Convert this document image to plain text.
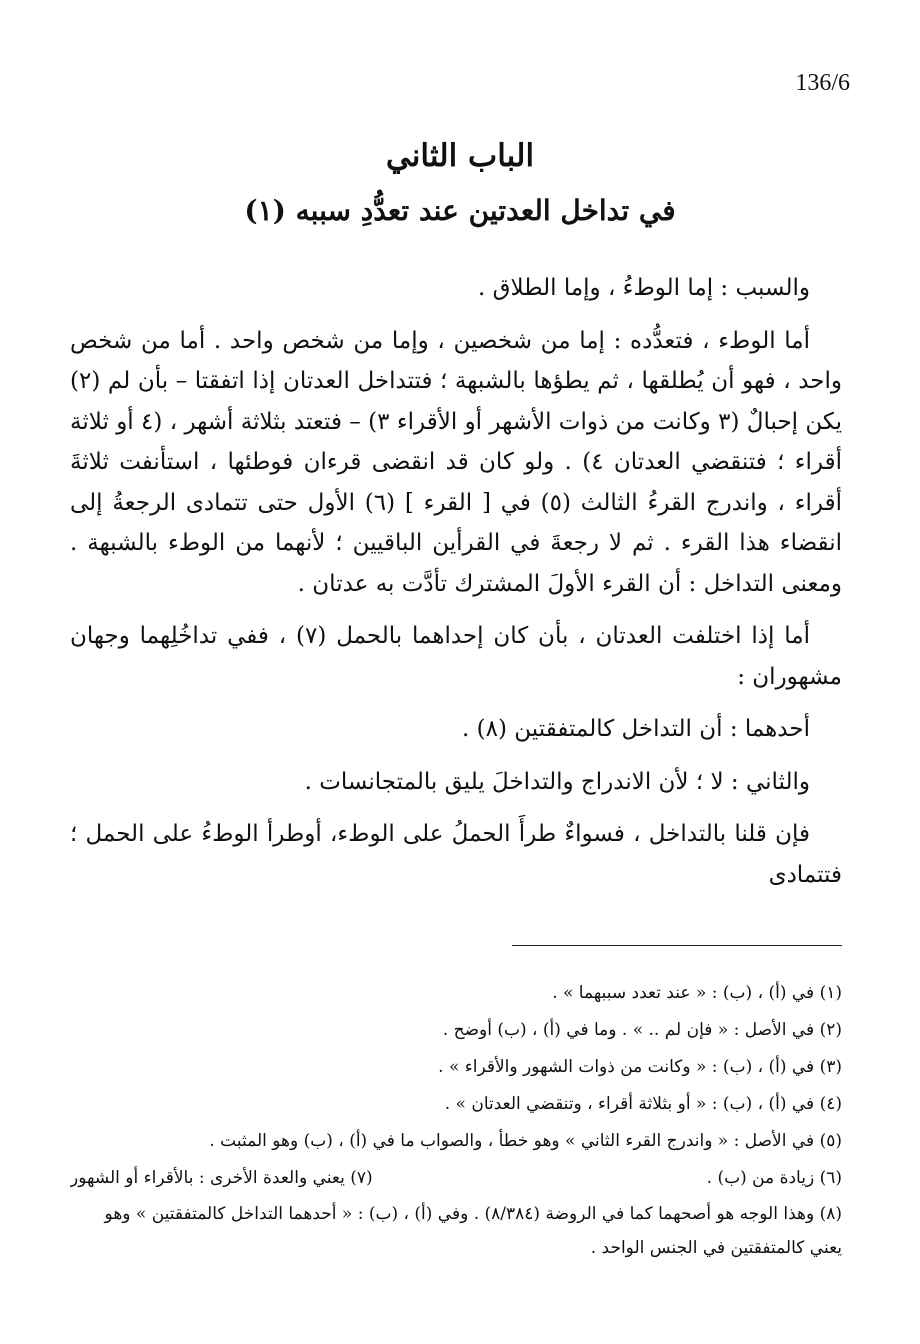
136/6
الباب الثاني
في تداخل العدتين عند تعدُّدِ سببه (١)

والسبب : إما الوطءُ ، وإما الطلاق .

أما الوطء ، فتعدُّده : إما من شخصين ، وإما من شخص واحد . أما من شخص واحد ، فهو أن يُطلقها ، ثم يطؤها بالشبهة ؛ فتتداخل العدتان إذا اتفقتا – بأن لم (٢) يكن إحبالٌ (٣ وكانت من ذوات الأشهر أو الأقراء ٣) – فتعتد بثلاثة أشهر ، (٤ أو ثلاثة أقراء ؛ فتنقضي العدتان ٤) . ولو كان قد انقضى قرءان فوطئها ، استأنفت ثلاثةَ أقراء ، واندرج القرءُ الثالث (٥) في [ القرء ] (٦) الأول حتى تتمادى الرجعةُ إلى انقضاء هذا القرء . ثم لا رجعةَ في القرأين الباقيين ؛ لأنهما من الوطء بالشبهة . ومعنى التداخل : أن القرء الأولَ المشترك تأدَّت به عدتان .

أما إذا اختلفت العدتان ، بأن كان إحداهما بالحمل (٧) ، ففي تداخُلِهما وجهان مشهوران :

أحدهما : أن التداخل كالمتفقتين (٨) .

والثاني : لا ؛ لأن الاندراج والتداخلَ يليق بالمتجانسات .

فإن قلنا بالتداخل ، فسواءٌ طرأَ الحملُ على الوطء، أوطرأ الوطءُ على الحمل ؛ فتتمادى

(١) في (أ) ، (ب) : « عند تعدد سببهما » .

(٢) في الأصل : « فإن لم .. » . وما في (أ) ، (ب) أوضح .

(٣) في (أ) ، (ب) : « وكانت من ذوات الشهور والأقراء » .

(٤) في (أ) ، (ب) : « أو بثلاثة أقراء ، وتنقضي العدتان » .

(٥) في الأصل : « واندرج القرء الثاني » وهو خطأ ، والصواب ما في (أ) ، (ب) وهو المثبت .

(٦) زيادة من (ب) .
(٧) يعني والعدة الأخرى : بالأقراء أو الشهور

(٨) وهذا الوجه هو أصحهما كما في الروضة (٨/٣٨٤) . وفي (أ) ، (ب) : « أحدهما التداخل كالمتفقتين » وهو يعني كالمتفقتين في الجنس الواحد .
